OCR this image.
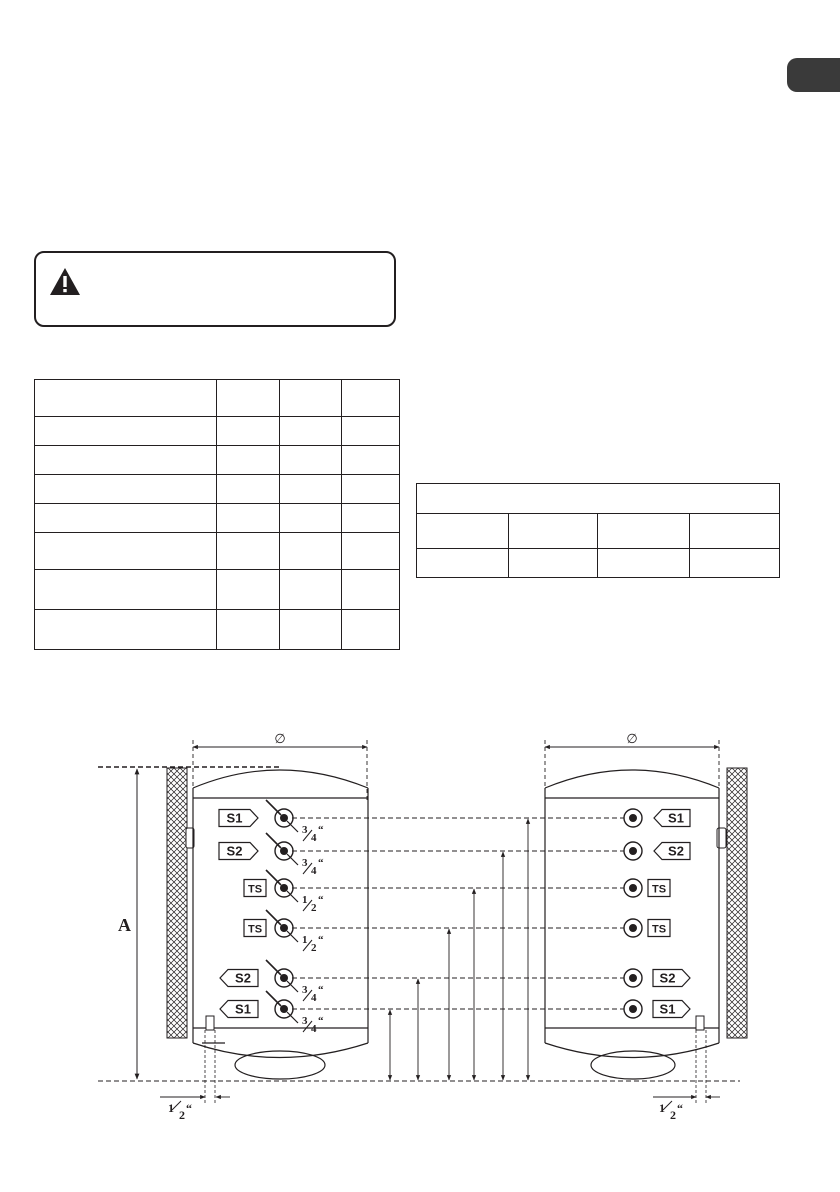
∅	∅
A
1 2 “	1 2 “
S1
3
4
“
S2
3
4
“
TS
1
2
“
TS
1
2
“
S2
3
4
“
S1
3
4
“
S1
S2
TS
TS
S2
S1
